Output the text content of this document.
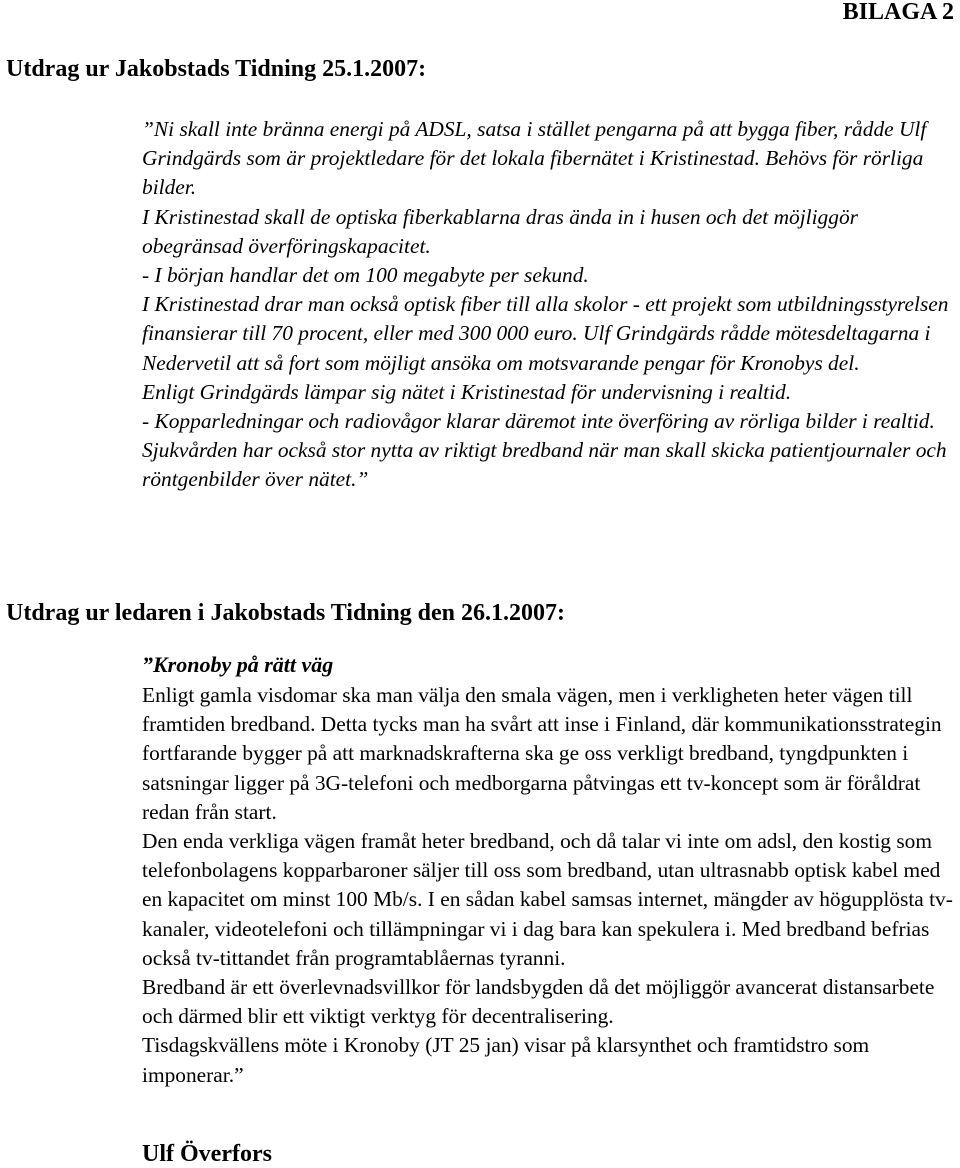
BILAGA 2
Utdrag ur Jakobstads Tidning 25.1.2007:

”Ni skall inte bränna energi på ADSL, satsa i stället pengarna på att bygga fiber, rådde Ulf Grindgärds som är projektledare för det lokala fibernätet i Kristinestad. Behövs för rörliga bilder.

I Kristinestad skall de optiska fiberkablarna dras ända in i husen och det möjliggör obegränsad överföringskapacitet.

- I början handlar det om 100 megabyte per sekund.

I Kristinestad drar man också optisk fiber till alla skolor - ett projekt som utbildningsstyrelsen finansierar till 70 procent, eller med 300 000 euro. Ulf Grindgärds rådde mötesdeltagarna i Nedervetil att så fort som möjligt ansöka om motsvarande pengar för Kronobys del.

Enligt Grindgärds lämpar sig nätet i Kristinestad för undervisning i realtid.

- Kopparledningar och radiovågor klarar däremot inte överföring av rörliga bilder i realtid.

Sjukvården har också stor nytta av riktigt bredband när man skall skicka patientjournaler och röntgenbilder över nätet.”

Utdrag ur ledaren i Jakobstads Tidning den 26.1.2007:

”Kronoby på rätt väg

Enligt gamla visdomar ska man välja den smala vägen, men i verkligheten heter vägen till framtiden bredband. Detta tycks man ha svårt att inse i Finland, där kommunikationsstrategin fortfarande bygger på att marknadskrafterna ska ge oss verkligt bredband, tyngdpunkten i satsningar ligger på 3G-telefoni och medborgarna påtvingas ett tv-koncept som är föråldrat redan från start.

Den enda verkliga vägen framåt heter bredband, och då talar vi inte om adsl, den kostig som telefonbolagens kopparbaroner säljer till oss som bredband, utan ultrasnabb optisk kabel med en kapacitet om minst 100 Mb/s. I en sådan kabel samsas internet, mängder av högupplösta tv-kanaler, videotelefoni och tillämpningar vi i dag bara kan spekulera i. Med bredband befrias också tv-tittandet från programtablåernas tyranni.

Bredband är ett överlevnadsvillkor för landsbygden då det möjliggör avancerat distansarbete och därmed blir ett viktigt verktyg för decentralisering.

Tisdagskvällens möte i Kronoby (JT 25 jan) visar på klarsynthet och framtidstro som imponerar.”

Ulf Överfors
